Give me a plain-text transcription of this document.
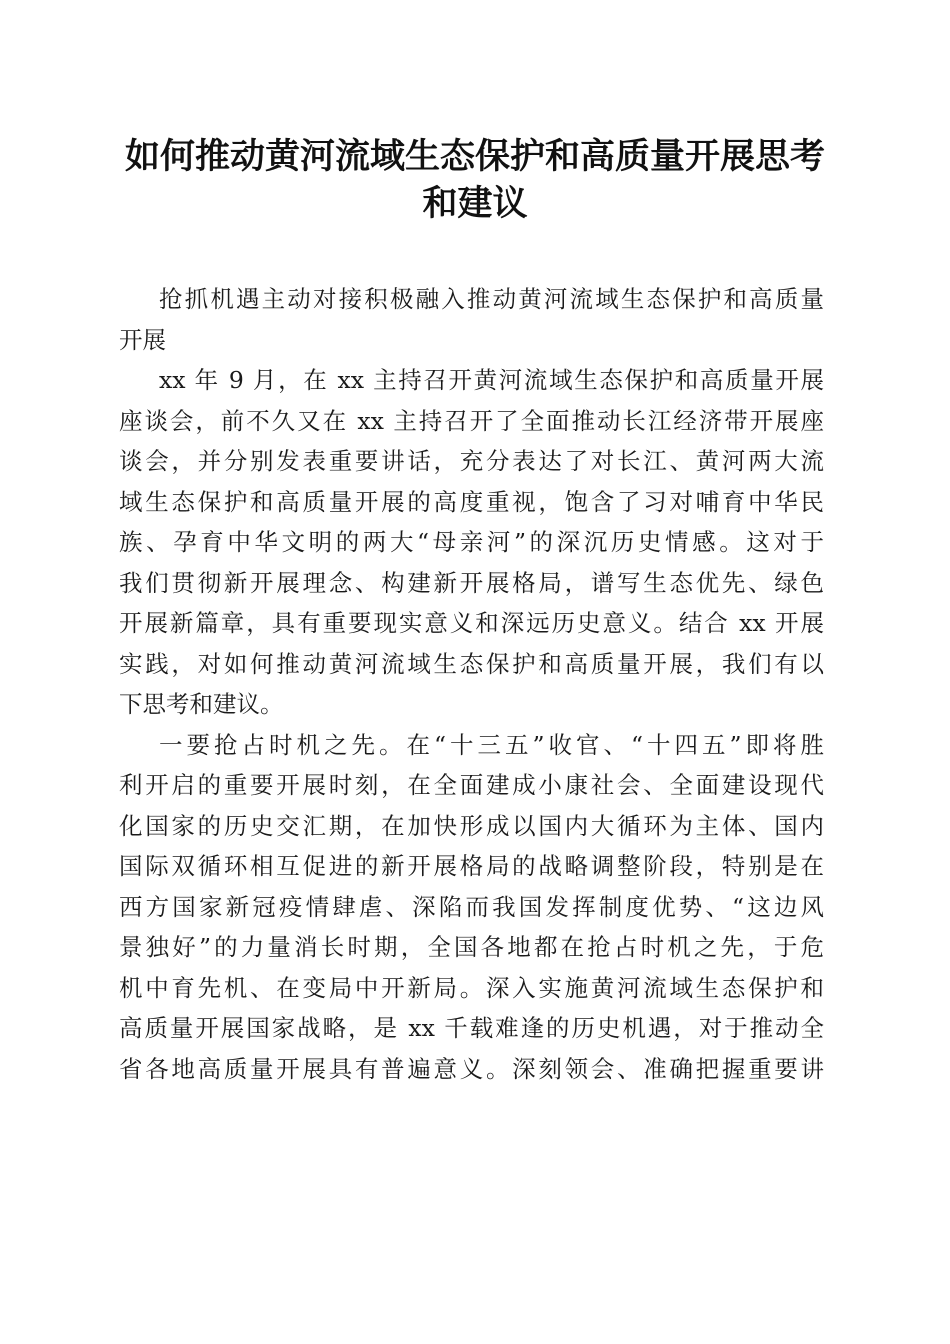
如何推动黄河流域生态保护和高质量开展思考
和建议
抢抓机遇主动对接积极融入推动黄河流域生态保护和高质量
开展
xx 年 9 月，在 xx 主持召开黄河流域生态保护和高质量开展
座谈会，前不久又在 xx 主持召开了全面推动长江经济带开展座
谈会，并分别发表重要讲话，充分表达了对长江、黄河两大流
域生态保护和高质量开展的高度重视，饱含了习对哺育中华民
族、孕育中华文明的两大“母亲河”的深沉历史情感。这对于
我们贯彻新开展理念、构建新开展格局，谱写生态优先、绿色
开展新篇章，具有重要现实意义和深远历史意义。结合 xx 开展
实践，对如何推动黄河流域生态保护和高质量开展，我们有以
下思考和建议。
一要抢占时机之先。在“十三五”收官、“十四五”即将胜
利开启的重要开展时刻，在全面建成小康社会、全面建设现代
化国家的历史交汇期，在加快形成以国内大循环为主体、国内
国际双循环相互促进的新开展格局的战略调整阶段，特别是在
西方国家新冠疫情肆虐、深陷而我国发挥制度优势、“这边风
景独好”的力量消长时期，全国各地都在抢占时机之先，于危
机中育先机、在变局中开新局。深入实施黄河流域生态保护和
高质量开展国家战略，是 xx 千载难逢的历史机遇，对于推动全
省各地高质量开展具有普遍意义。深刻领会、准确把握重要讲
